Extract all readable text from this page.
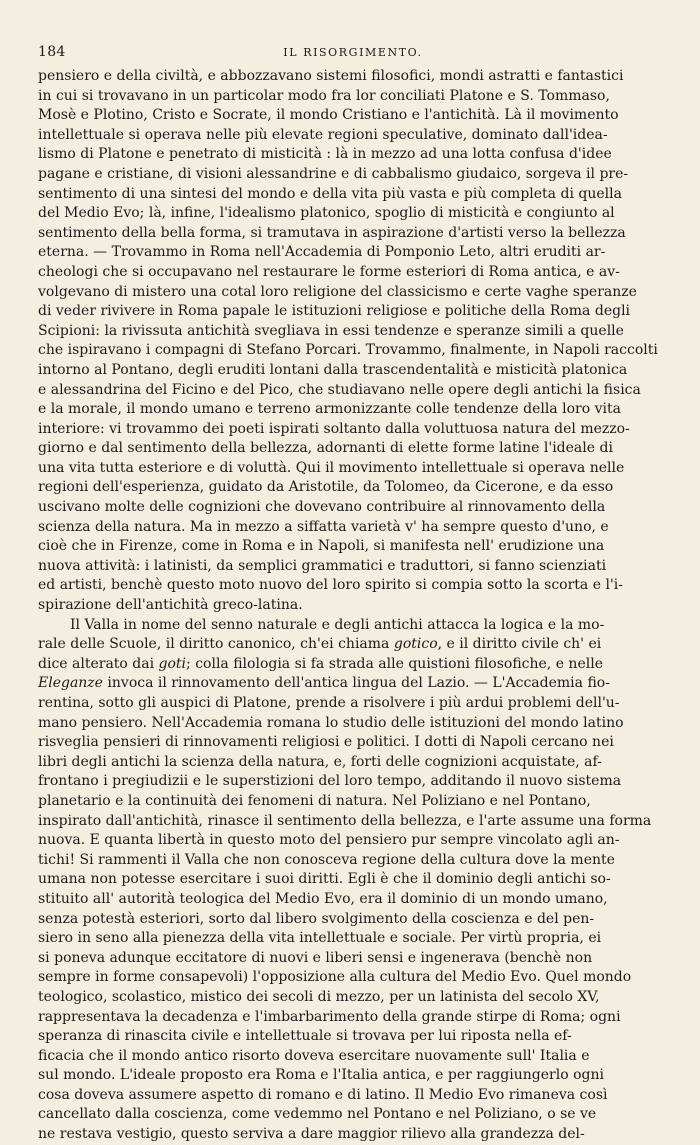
184	IL RISORGIMENTO.
pensiero e della civiltà, e abbozzavano sistemi filosofici, mondi astratti e fantastici
in cui si trovavano in un particolar modo fra lor conciliati Platone e S. Tommaso,
Mosè e Plotino, Cristo e Socrate, il mondo Cristiano e l'antichità. Là il movimento
intellettuale si operava nelle più elevate regioni speculative, dominato dall'idea-
lismo di Platone e penetrato di misticità : là in mezzo ad una lotta confusa d'idee
pagane e cristiane, di visioni alessandrine e di cabbalismo giudaico, sorgeva il pre-
sentimento di una sintesi del mondo e della vita più vasta e più completa di quella
del Medio Evo; là, infine, l'idealismo platonico, spoglio di misticità e congiunto al
sentimento della bella forma, si tramutava in aspirazione d'artisti verso la bellezza
eterna. — Trovammo in Roma nell'Accademia di Pomponio Leto, altri eruditi ar-
cheologi che si occupavano nel restaurare le forme esteriori di Roma antica, e av-
volgevano di mistero una cotal loro religione del classicismo e certe vaghe speranze
di veder rivivere in Roma papale le istituzioni religiose e politiche della Roma degli
Scipioni: la rivissuta antichità svegliava in essi tendenze e speranze simili a quelle
che ispiravano i compagni di Stefano Porcari. Trovammo, finalmente, in Napoli raccolti
intorno al Pontano, degli eruditi lontani dalla trascendentalità e misticità platonica
e alessandrina del Ficino e del Pico, che studiavano nelle opere degli antichi la fisica
e la morale, il mondo umano e terreno armonizzante colle tendenze della loro vita
interiore: vi trovammo dei poeti ispirati soltanto dalla voluttuosa natura del mezzo-
giorno e dal sentimento della bellezza, adornanti di elette forme latine l'ideale di
una vita tutta esteriore e di voluttà. Qui il movimento intellettuale si operava nelle
regioni dell'esperienza, guidato da Aristotile, da Tolomeo, da Cicerone, e da esso
uscivano molte delle cognizioni che dovevano contribuire al rinnovamento della
scienza della natura. Ma in mezzo a siffatta varietà v' ha sempre questo d'uno, e
cioè che in Firenze, come in Roma e in Napoli, si manifesta nell' erudizione una
nuova attività: i latinisti, da semplici grammatici e traduttori, si fanno scienziati
ed artisti, benchè questo moto nuovo del loro spirito si compia sotto la scorta e l'i-
spirazione dell'antichità greco-latina.
Il Valla in nome del senno naturale e degli antichi attacca la logica e la mo-
rale delle Scuole, il diritto canonico, ch'ei chiama gotico, e il diritto civile ch' ei
dice alterato dai goti; colla filologia si fa strada alle quistioni filosofiche, e nelle
Eleganze invoca il rinnovamento dell'antica lingua del Lazio. — L'Accademia fio-
rentina, sotto gli auspici di Platone, prende a risolvere i più ardui problemi dell'u-
mano pensiero. Nell'Accademia romana lo studio delle istituzioni del mondo latino
risveglia pensieri di rinnovamenti religiosi e politici. I dotti di Napoli cercano nei
libri degli antichi la scienza della natura, e, forti delle cognizioni acquistate, af-
frontano i pregiudizii e le superstizioni del loro tempo, additando il nuovo sistema
planetario e la continuità dei fenomeni di natura. Nel Poliziano e nel Pontano,
inspirato dall'antichità, rinasce il sentimento della bellezza, e l'arte assume una forma
nuova. E quanta libertà in questo moto del pensiero pur sempre vincolato agli an-
tichi! Si rammenti il Valla che non conosceva regione della cultura dove la mente
umana non potesse esercitare i suoi diritti. Egli è che il dominio degli antichi so-
stituito all' autorità teologica del Medio Evo, era il dominio di un mondo umano,
senza potestà esteriori, sorto dal libero svolgimento della coscienza e del pen-
siero in seno alla pienezza della vita intellettuale e sociale. Per virtù propria, ei
si poneva adunque eccitatore di nuovi e liberi sensi e ingenerava (benchè non
sempre in forme consapevoli) l'opposizione alla cultura del Medio Evo. Quel mondo
teologico, scolastico, mistico dei secoli di mezzo, per un latinista del secolo XV,
rappresentava la decadenza e l'imbarbarimento della grande stirpe di Roma; ogni
speranza di rinascita civile e intellettuale si trovava per lui riposta nella ef-
ficacia che il mondo antico risorto doveva esercitare nuovamente sull' Italia e
sul mondo. L'ideale proposto era Roma e l'Italia antica, e per raggiungerlo ogni
cosa doveva assumere aspetto di romano e di latino. Il Medio Evo rimaneva così
cancellato dalla coscienza, come vedemmo nel Pontano e nel Poliziano, o se ve
ne restava vestigio, questo serviva a dare maggior rilievo alla grandezza del-
